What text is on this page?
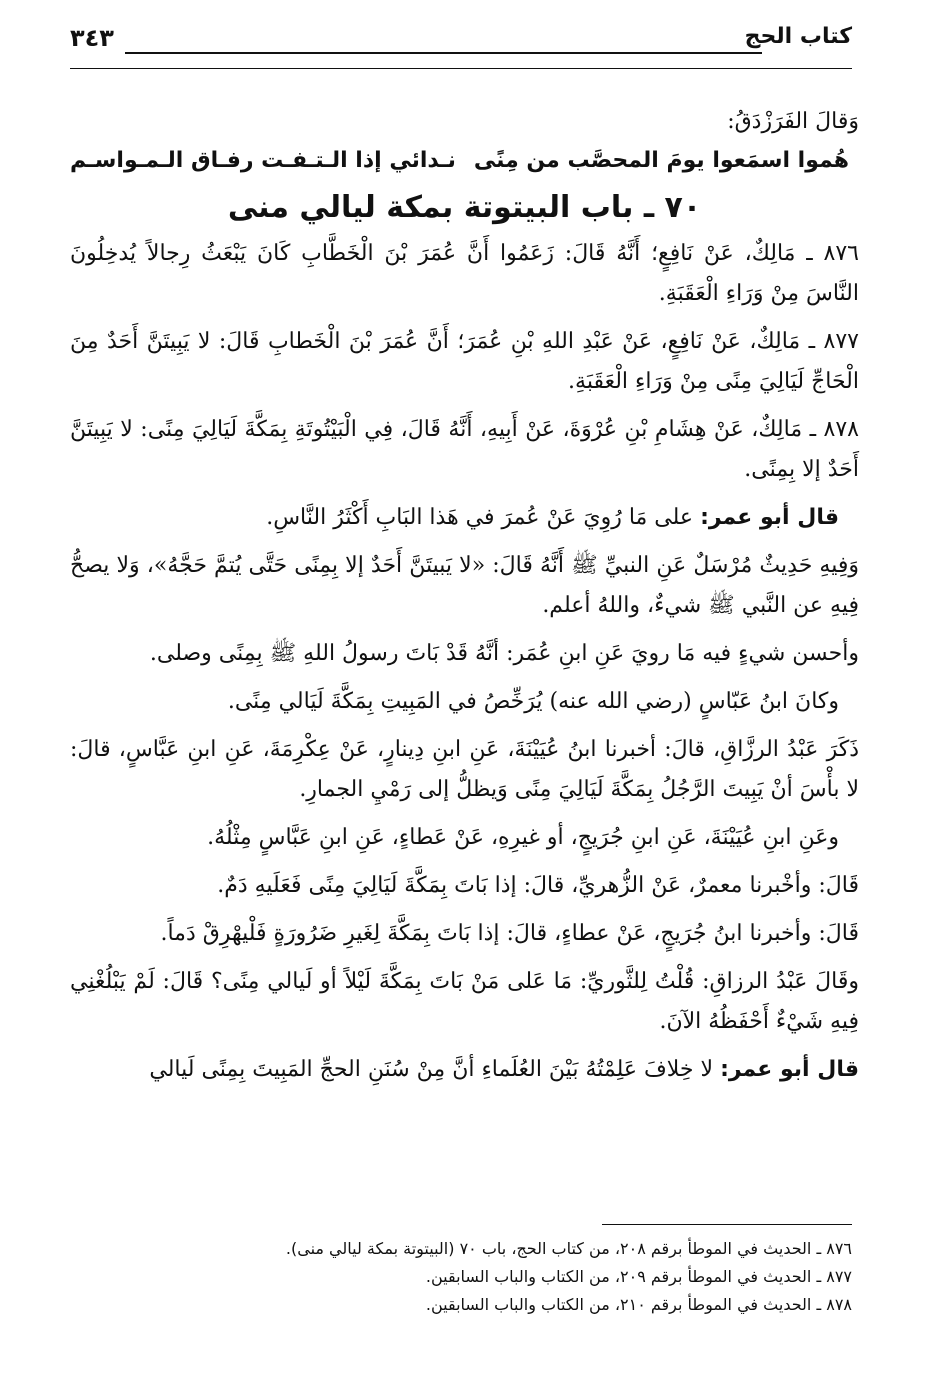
كتاب الحج
٣٤٣

وَقالَ الفَرَزْدَقُ:

هُموا اسمَعوا يومَ المحصَّب من مِنًى
نـدائي إذا الـتـفـت رفـاق الـمـواسـم
٧٠ ـ باب البيتوتة بمكة ليالي منى

٨٧٦ ـ مَالِكٌ، عَنْ نَافِعٍ؛ أَنَّهُ قَالَ: زَعَمُوا أَنَّ عُمَرَ بْنَ الْخَطَّابِ كَانَ يَبْعَثُ رِجالاً يُدخِلُونَ النَّاسَ مِنْ وَرَاءِ الْعَقَبَةِ.

٨٧٧ ـ مَالِكٌ، عَنْ نَافِعٍ، عَنْ عَبْدِ اللهِ بْنِ عُمَرَ؛ أَنَّ عُمَرَ بْنَ الْخَطابِ قَالَ: لا يَبِيتَنَّ أَحَدٌ مِنَ الْحَاجِّ لَيَالِيَ مِنًى مِنْ وَرَاءِ الْعَقَبَةِ.

٨٧٨ ـ مَالِكٌ، عَنْ هِشَامِ بْنِ عُرْوَةَ، عَنْ أَبِيهِ، أَنَّهُ قَالَ، فِي الْبَيْتُوتَةِ بِمَكَّةَ لَيَالِيَ مِنًى: لا يَبِيتَنَّ أَحَدٌ إلا بِمِنًى.

قال أبو عمر: على مَا رُوِيَ عَنْ عُمرَ في هَذا البَابِ أَكْثَرُ النَّاسِ.

وَفِيهِ حَدِيثٌ مُرْسَلٌ عَنِ النبيِّ ﷺ أَنَّهُ قَالَ: «لا يَبيتَنَّ أَحَدٌ إلا بِمِنًى حَتَّى يُتمَّ حَجَّهُ»، وَلا يصحُّ فِيهِ عن النَّبي ﷺ شيءٌ، واللهُ أعلم.

وأحسن شيءٍ فيه مَا رويَ عَنِ ابنِ عُمَر: أنَّهُ قَدْ بَاتَ رسولُ اللهِ ﷺ بِمِنًى وصلى.

وكانَ ابنُ عَبّاسٍ (رضي الله عنه) يُرَخِّصُ في المَبِيتِ بِمَكَّةَ لَيَالي مِنًى.

ذَكَرَ عَبْدُ الرزَّاقِ، قالَ: أخبرنا ابنُ عُيَيْنَةَ، عَنِ ابنِ دِينارٍ، عَنْ عِكْرِمَةَ، عَنِ ابنِ عَبَّاسٍ، قالَ: لا بأْسَ أنْ يَبِيتَ الرَّجُلُ بِمَكَّةَ لَيَالِيَ مِنًى وَيظلُّ إلى رَمْيِ الجمارِ.

وعَنِ ابنِ عُيَيْنَةَ، عَنِ ابنِ جُرَيجٍ، أو غيرِهِ، عَنْ عَطاءٍ، عَنِ ابنِ عَبَّاسٍ مِثْلُهُ.

قَالَ: وأخْبرنا معمرٌ، عَنْ الزُّهريِّ، قالَ: إذا بَاتَ بِمَكَّةَ لَيَالِيَ مِنًى فَعَلَيهِ دَمٌ.

قَالَ: وأخبرنا ابنُ جُرَيجٍ، عَنْ عطاءٍ، قالَ: إذا بَاتَ بِمَكَّةَ لِغَيرِ ضَرُورَةٍ فَلْيهْرِقْ دَماً.

وقَالَ عَبْدُ الرزاقِ: قُلْتُ لِلثَّوريِّ: مَا عَلى مَنْ بَاتَ بِمَكَّةَ لَيْلاً أو لَيالي مِنًى؟ قَالَ: لَمْ يَبْلُغْنِي فِيهِ شَيْءٌ أَحْفَظُهُ الآنَ.

قال أبو عمر: لا خِلافَ عَلِمْتُهُ بَيْنَ العُلَماءِ أنَّ مِنْ سُنَنِ الحجِّ المَبِيتَ بِمِنًى لَيالي

٨٧٦ ـ الحديث في الموطأ برقم ٢٠٨، من كتاب الحج، باب ٧٠ (البيتوتة بمكة ليالي منى).

٨٧٧ ـ الحديث في الموطأ برقم ٢٠٩، من الكتاب والباب السابقين.

٨٧٨ ـ الحديث في الموطأ برقم ٢١٠، من الكتاب والباب السابقين.
